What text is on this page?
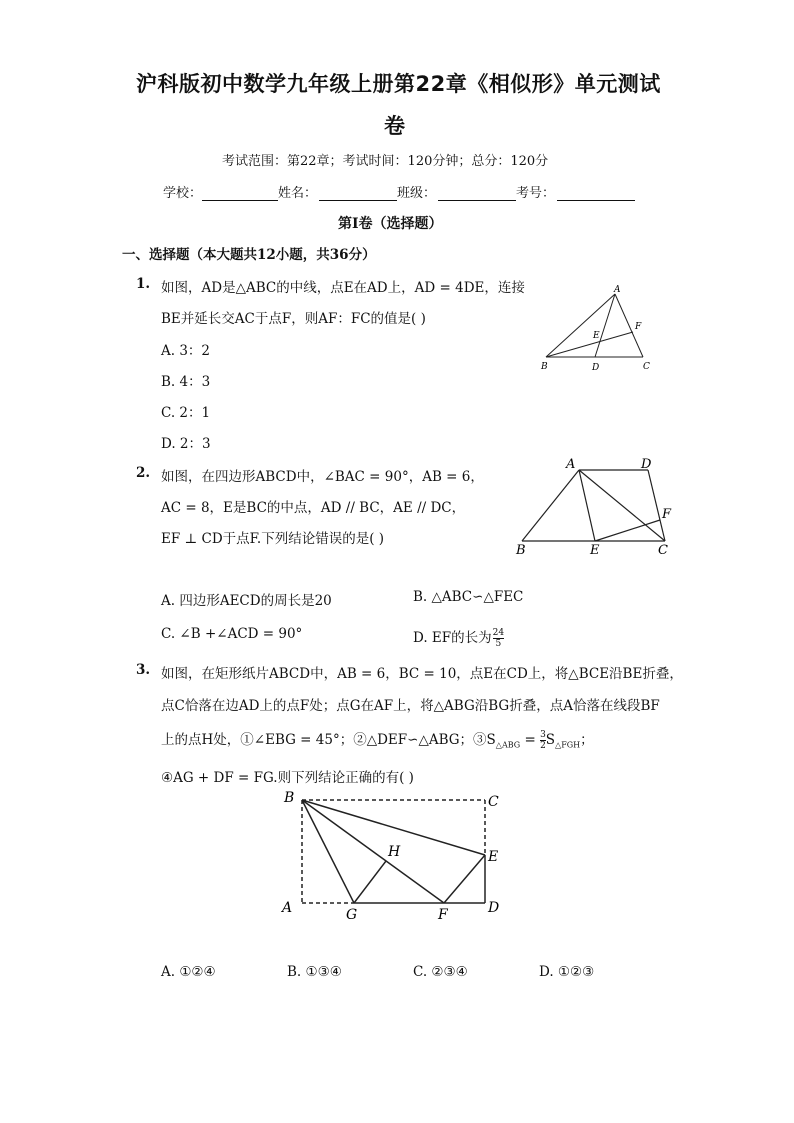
沪科版初中数学九年级上册第22章《相似形》单元测试
卷
考试范围：第22章；考试时间：120分钟；总分：120分
学校：	姓名：	班级：	考号：
第Ⅰ卷（选择题）
一、选择题（本大题共12小题，共36分）
1. 如图，AD是△ABC的中线，点E在AD上，AD = 4DE，连接
BE并延长交AC于点F，则AF：FC的值是( )
A. 3：2
B. 4：3
C. 2：1
D. 2：3
A
B	C
D
E
F
2. 如图，在四边形ABCD中，∠BAC = 90°，AB = 6，
AC = 8，E是BC的中点，AD // BC，AE // DC，
EF ⊥ CD于点F.下列结论错误的是( )
A. 四边形AECD的周长是20	B. △ABC∽△FEC
C. ∠B +∠ACD = 90°	D. EF的长为 $\frac{24}{5}$
A	D
B	E	C
F
3. 如图，在矩形纸片ABCD中，AB = 6，BC = 10，点E在CD上，将△BCE沿BE折叠，
点C恰落在边AD上的点F处；点G在AF上，将△ABG沿BG折叠，点A恰落在线段BF
上的点H处，①∠EBG = 45°；②△DEF∽△ABG；$③S_{\triangle ABG} = \frac{3}{2} S_{\triangle FGH}$；
④AG + DF = FG.则下列结论正确的有( )
B	C
E
H
A	G	F	D
A. ①②④	B. ①③④	C. ②③④	D. ①②③
